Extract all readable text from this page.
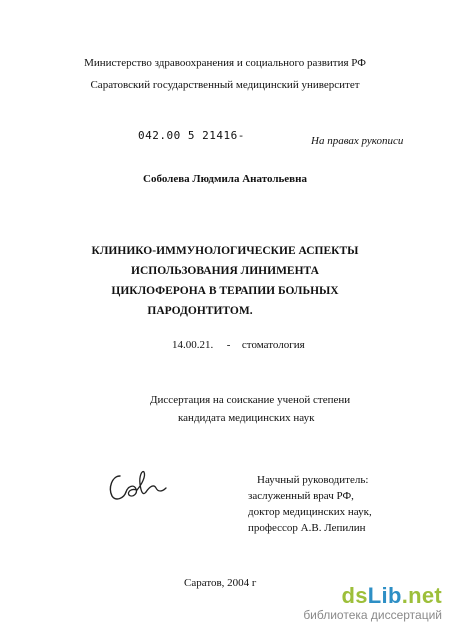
Министерство здравоохранения и социального развития РФ
Саратовский государственный медицинский университет
042.00 5 21416-	На правах рукописи
Соболева Людмила Анатольевна
КЛИНИКО-ИММУНОЛОГИЧЕСКИЕ АСПЕКТЫ
ИСПОЛЬЗОВАНИЯ ЛИНИМЕНТА
ЦИКЛОФЕРОНА В ТЕРАПИИ БОЛЬНЫХ
ПАРОДОНТИТОМ.
14.00.21. - стоматология
Диссертация на соискание ученой степени
кандидата медицинских наук
Научный руководитель:
заслуженный врач РФ,
доктор медицинских наук,
профессор А.В. Лепилин
Саратов, 2004 г	dsLib.net
библиотека диссертаций
